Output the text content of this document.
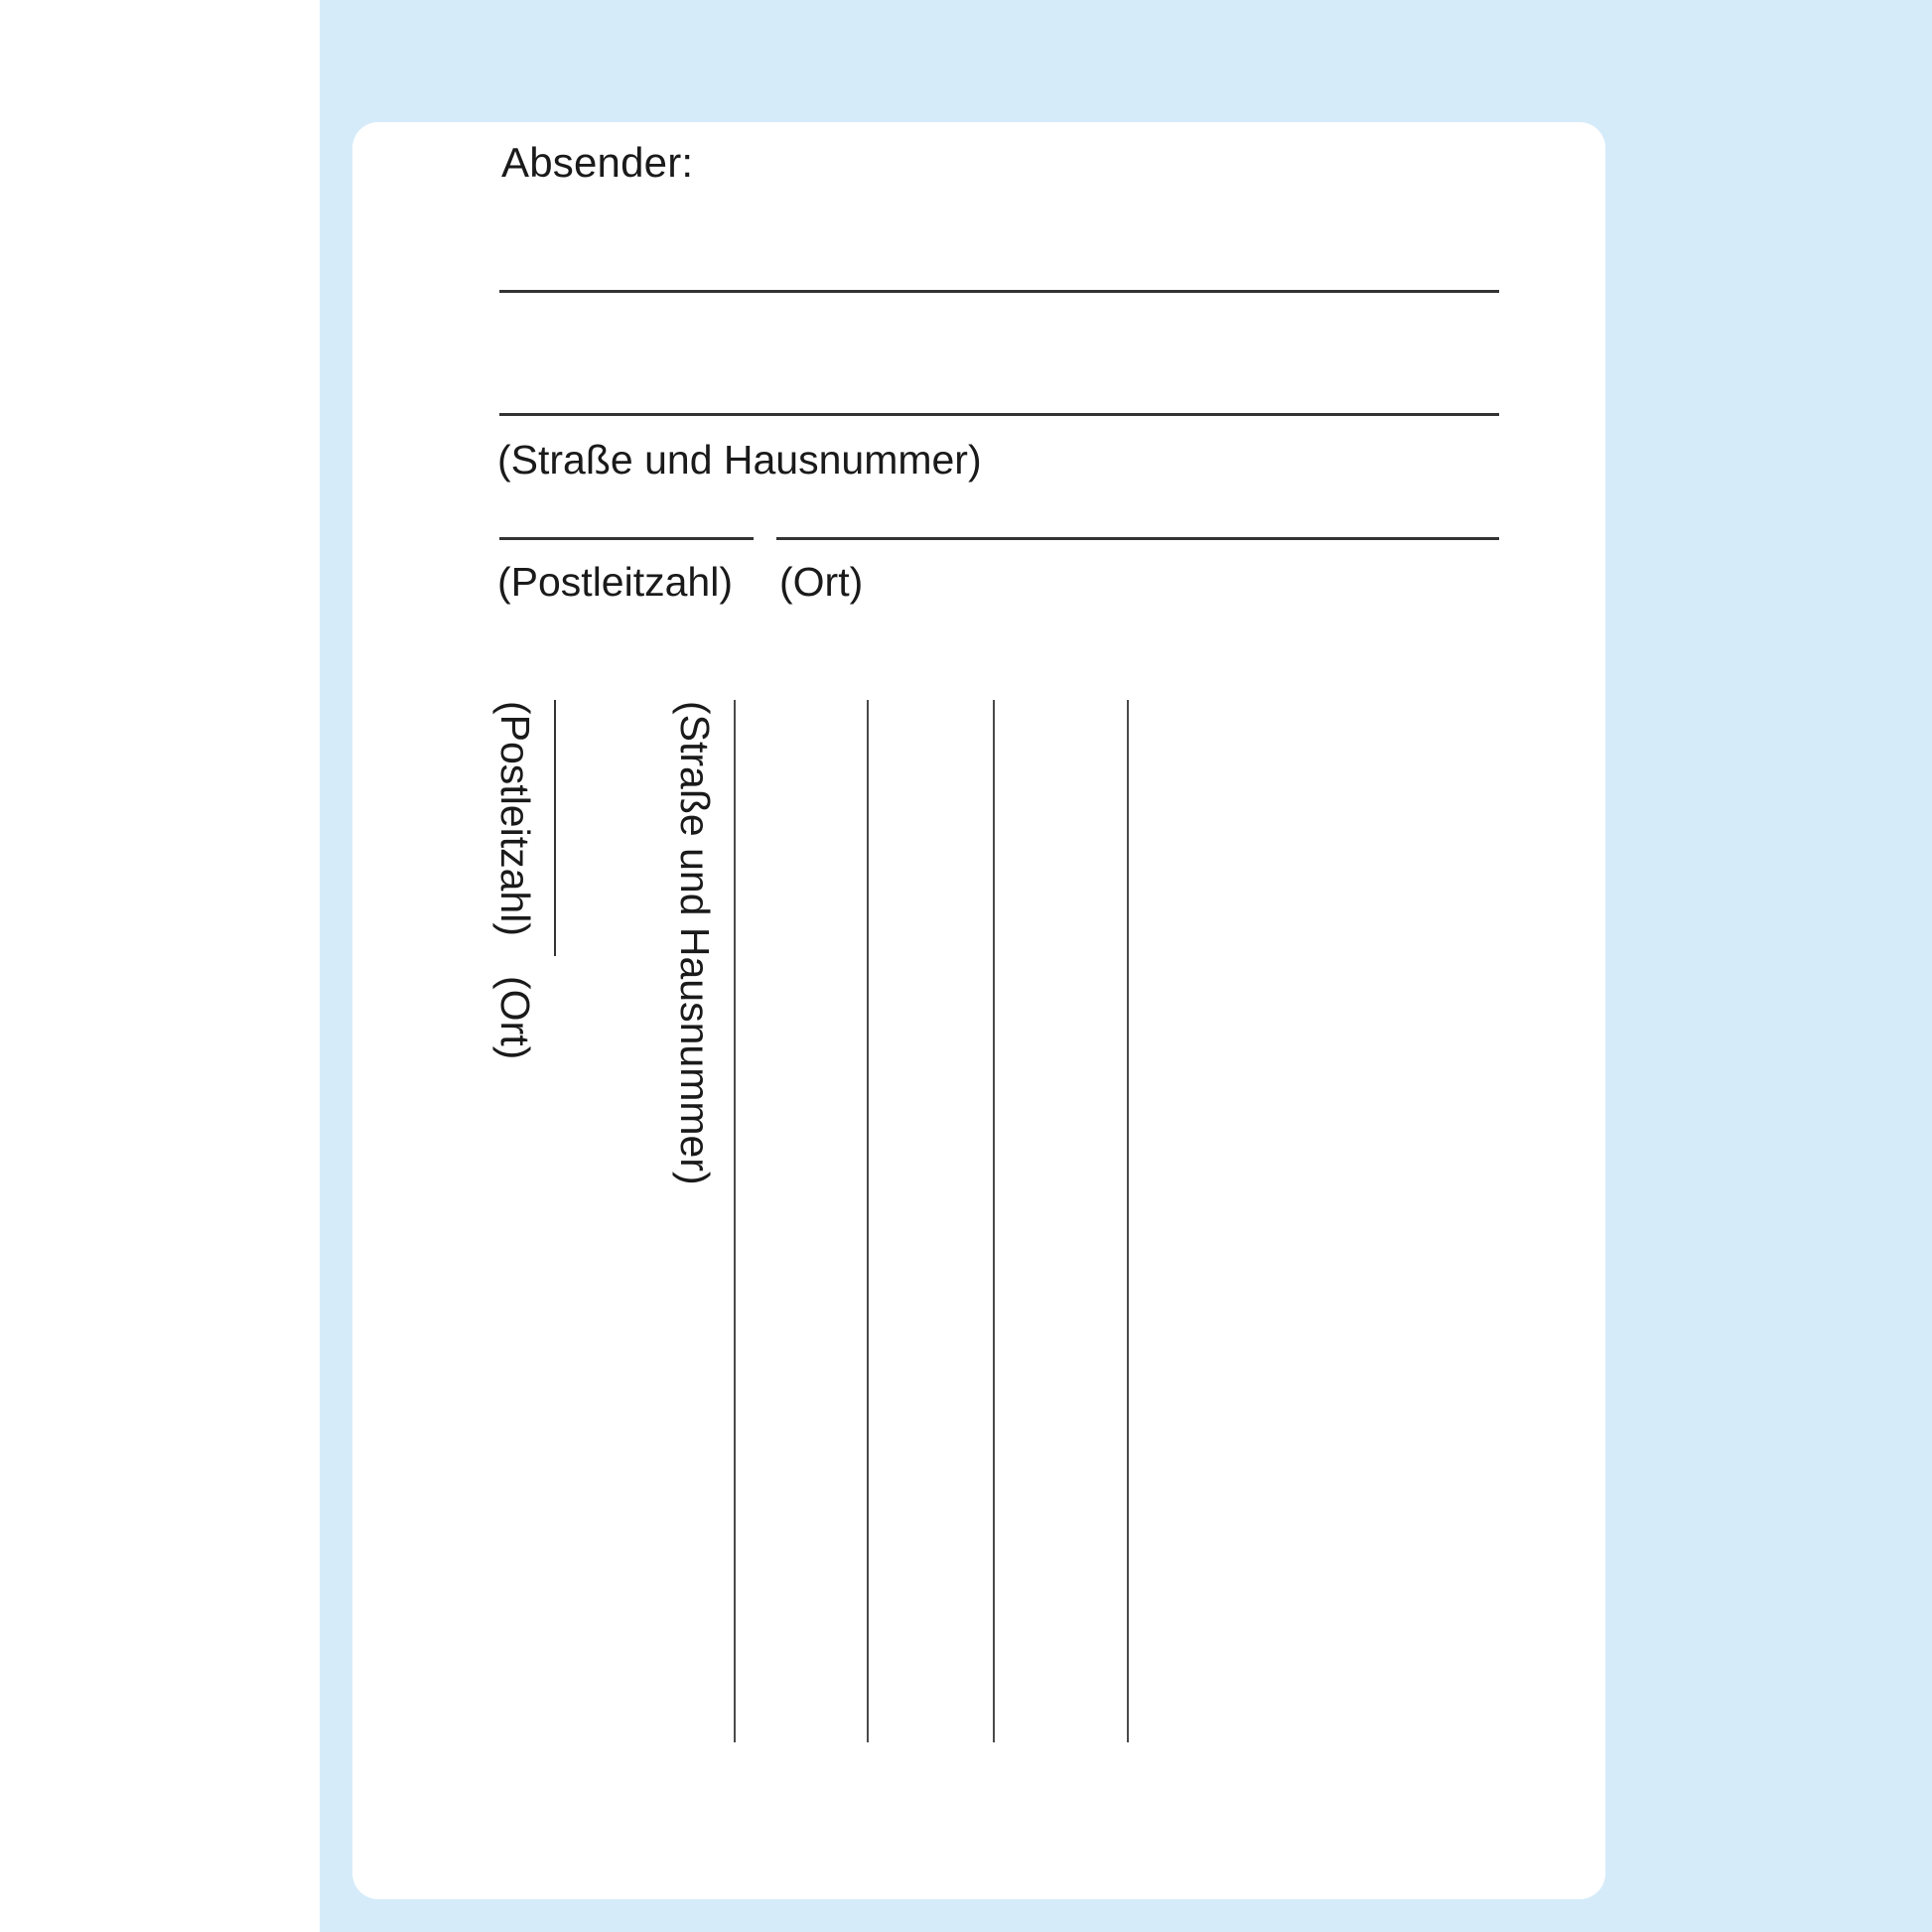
Absender:
(Straße und Hausnummer)
(Postleitzahl) (Ort)
(Straße und Hausnummer)
(Postleitzahl)
(Ort)
